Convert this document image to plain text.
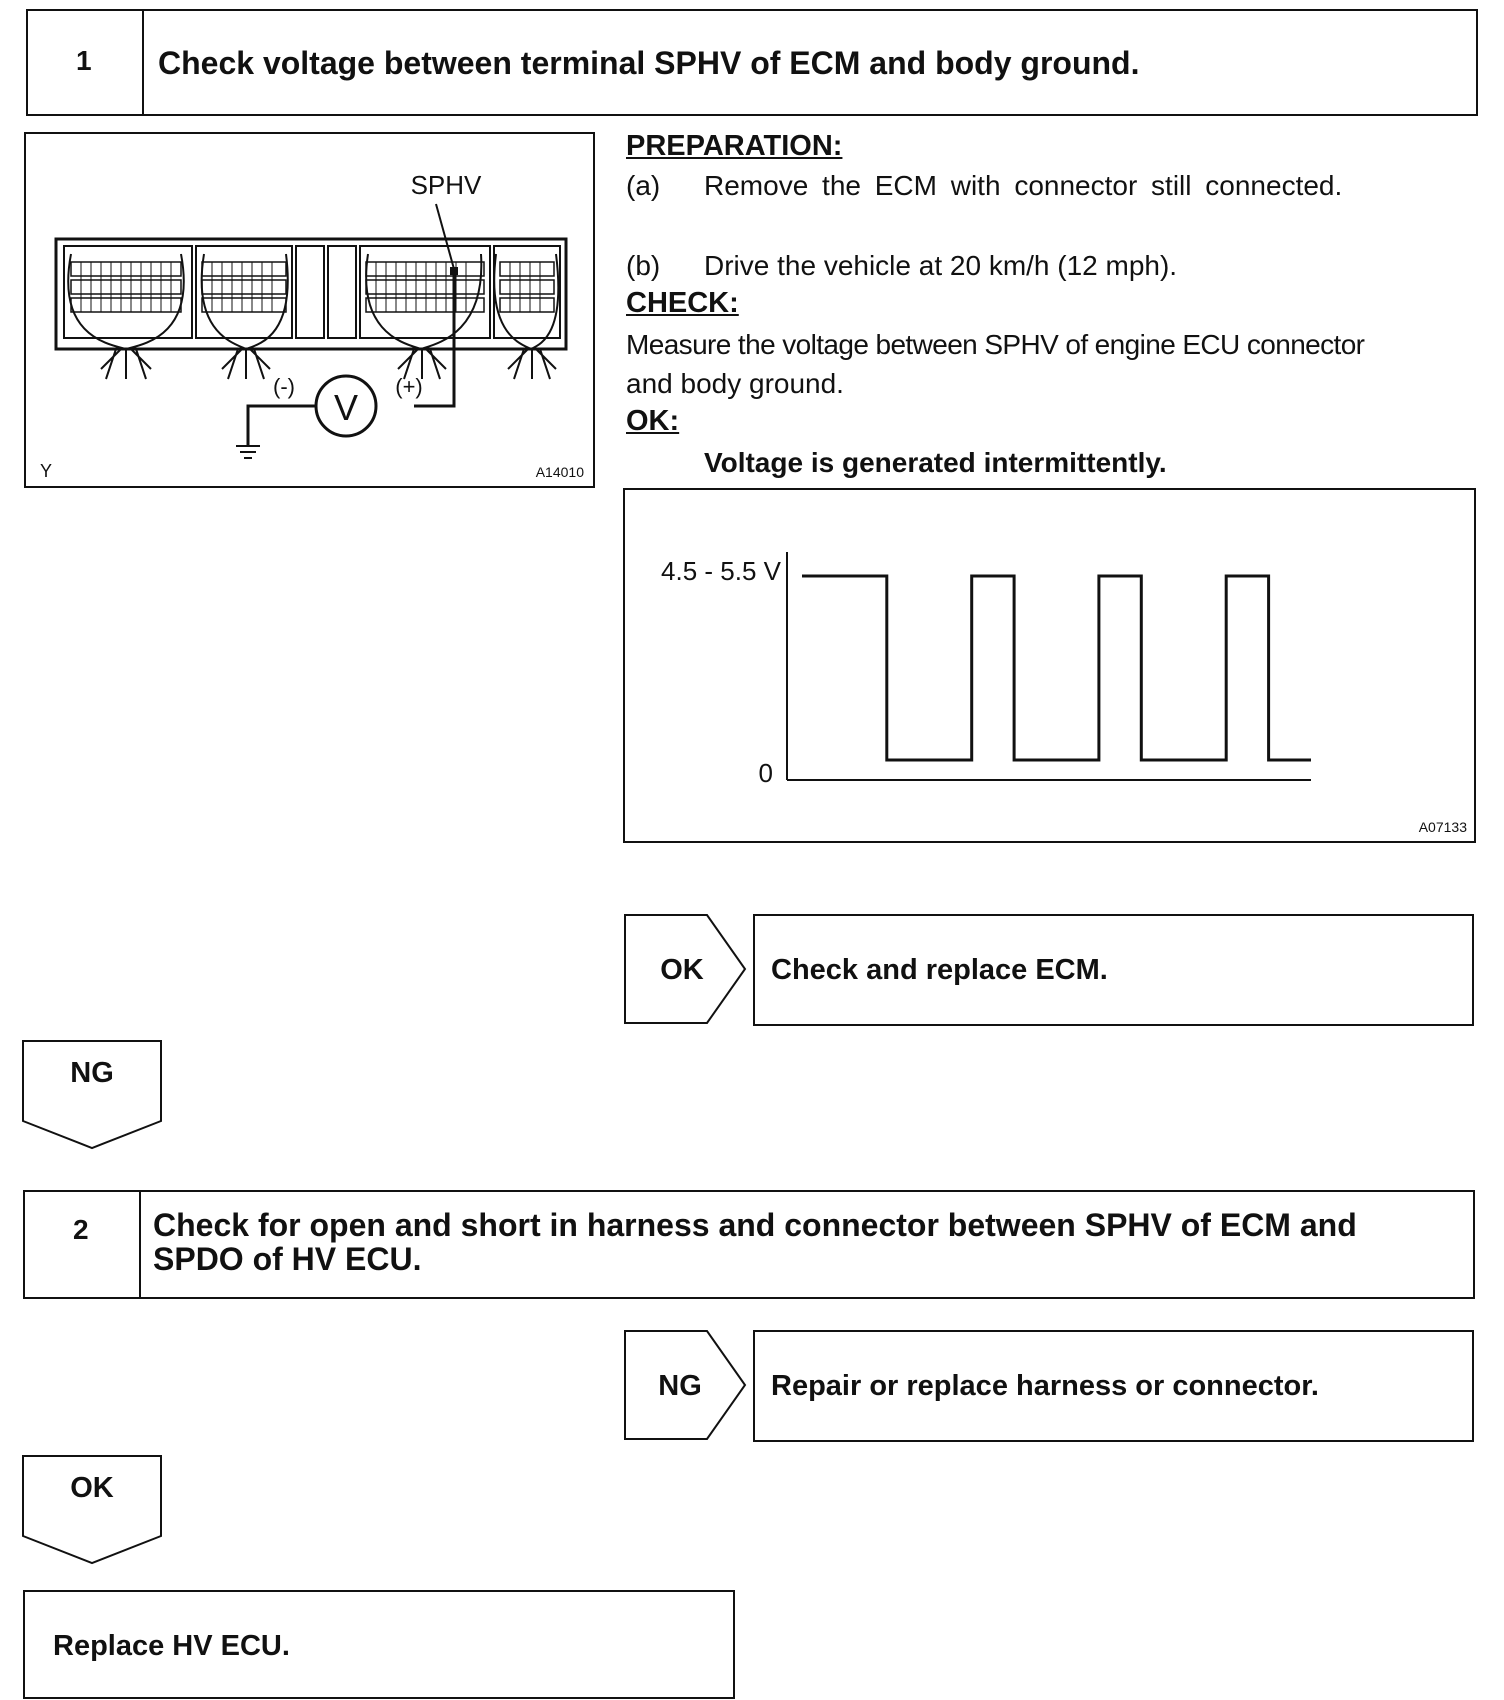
1 Check voltage between terminal SPHV of ECM and body ground.
V
(-)	(+)
SPHV
Y	A14010
PREPARATION:
(a) Remove the ECM with connector still connected.
(b) Drive the vehicle at 20 km/h (12 mph).
CHECK:
Measure the voltage between SPHV of engine ECU connector
and body ground.
OK:
Voltage is generated intermittently.
4.5 - 5.5 V
0
A07133
OK Check and replace ECM.
NG
2 Check for open and short in harness and connector between SPHV of ECM and
SPDO of HV ECU.
NG Repair or replace harness or connector.
OK
Replace HV ECU.
